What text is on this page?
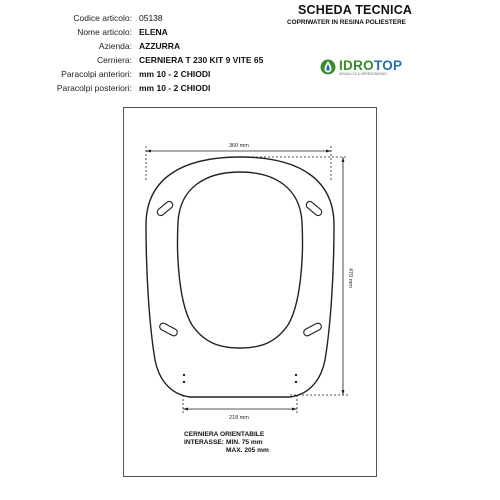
SCHEDA TECNICA
COPRIWATER IN RESINA POLIESTERE
IDROTOP
IDRAULICA & ARREDOBAGNO
Codice articolo: 05138
Nome articolo: ELENA
Azienda: AZZURRA
Cerniera: CERNIERA T 230 KIT 9 VITE 65
Paracolpi anteriori: mm 10 - 2 CHIODI
Paracolpi posteriori: mm 10 - 2 CHIODI
360 mm
470 mm
218 mm
CERNIERA ORIENTABILE
INTERASSE: MIN. 75 mm
MAX. 205 mm
